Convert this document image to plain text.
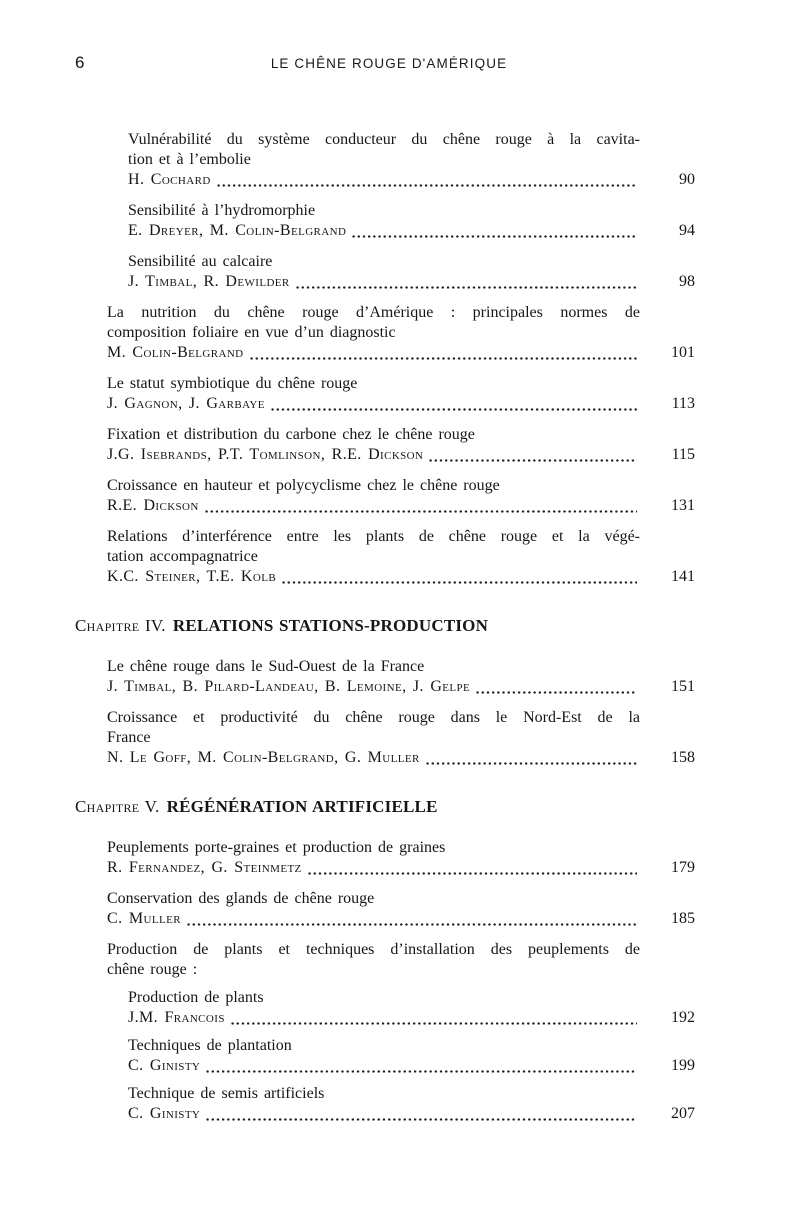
6	LE CHÊNE ROUGE D'AMÉRIQUE
Vulnérabilité du système conducteur du chêne rouge à la cavita-
tion et à l’embolie
H. Cochard	90
Sensibilité à l’hydromorphie
E. Dreyer, M. Colin-Belgrand	94
Sensibilité au calcaire
J. Timbal, R. Dewilder	98
La nutrition du chêne rouge d’Amérique : principales normes de
composition foliaire en vue d’un diagnostic
M. Colin-Belgrand	101
Le statut symbiotique du chêne rouge
J. Gagnon, J. Garbaye	113
Fixation et distribution du carbone chez le chêne rouge
J.G. Isebrands, P.T. Tomlinson, R.E. Dickson	115
Croissance en hauteur et polycyclisme chez le chêne rouge
R.E. Dickson	131
Relations d’interférence entre les plants de chêne rouge et la végé-
tation accompagnatrice
K.C. Steiner, T.E. Kolb	141
Chapitre IV. RELATIONS STATIONS-PRODUCTION
Le chêne rouge dans le Sud-Ouest de la France
J. Timbal, B. Pilard-Landeau, B. Lemoine, J. Gelpe	151
Croissance et productivité du chêne rouge dans le Nord-Est de la
France
N. Le Goff, M. Colin-Belgrand, G. Muller	158
Chapitre V. RÉGÉNÉRATION ARTIFICIELLE
Peuplements porte-graines et production de graines
R. Fernandez, G. Steinmetz	179
Conservation des glands de chêne rouge
C. Muller	185
Production de plants et techniques d’installation des peuplements de
chêne rouge :
Production de plants
J.M. Francois	192
Techniques de plantation
C. Ginisty	199
Technique de semis artificiels
C. Ginisty	207
